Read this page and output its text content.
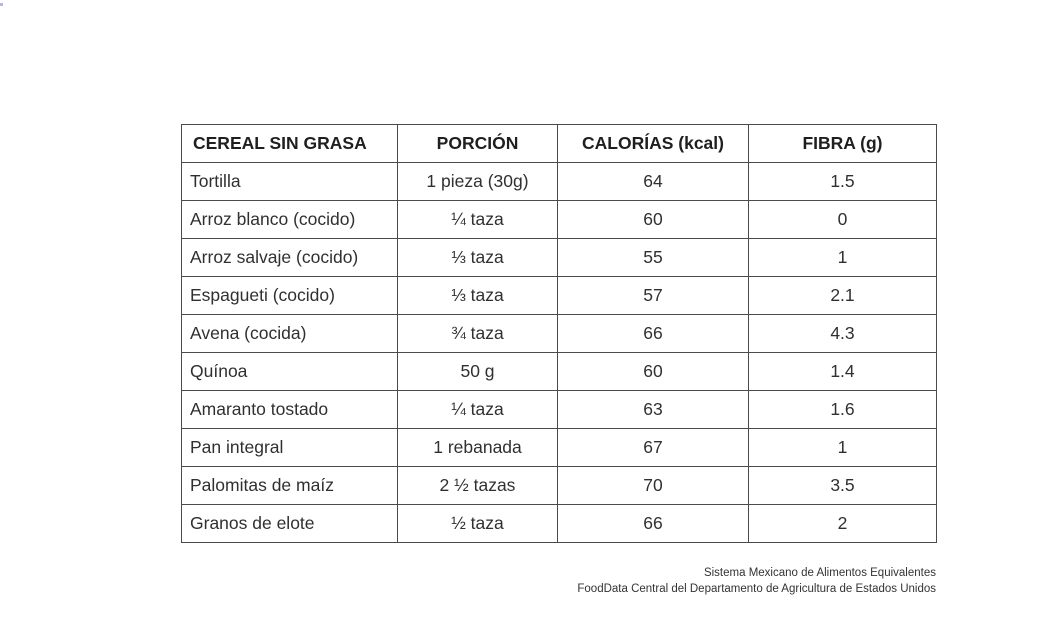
CEREAL SIN GRASA	PORCIÓN	CALORÍAS (kcal)	FIBRA (g)
Tortilla	1 pieza (30g)	64	1.5
Arroz blanco (cocido)	¼ taza	60	0
Arroz salvaje (cocido)	⅓ taza	55	1
Espagueti (cocido)	⅓ taza	57	2.1
Avena (cocida)	¾ taza	66	4.3
Quínoa	50 g	60	1.4
Amaranto tostado	¼ taza	63	1.6
Pan integral	1 rebanada	67	1
Palomitas de maíz	2 ½ tazas	70	3.5
Granos de elote	½ taza	66	2
Sistema Mexicano de Alimentos Equivalentes
FoodData Central del Departamento de Agricultura de Estados Unidos
